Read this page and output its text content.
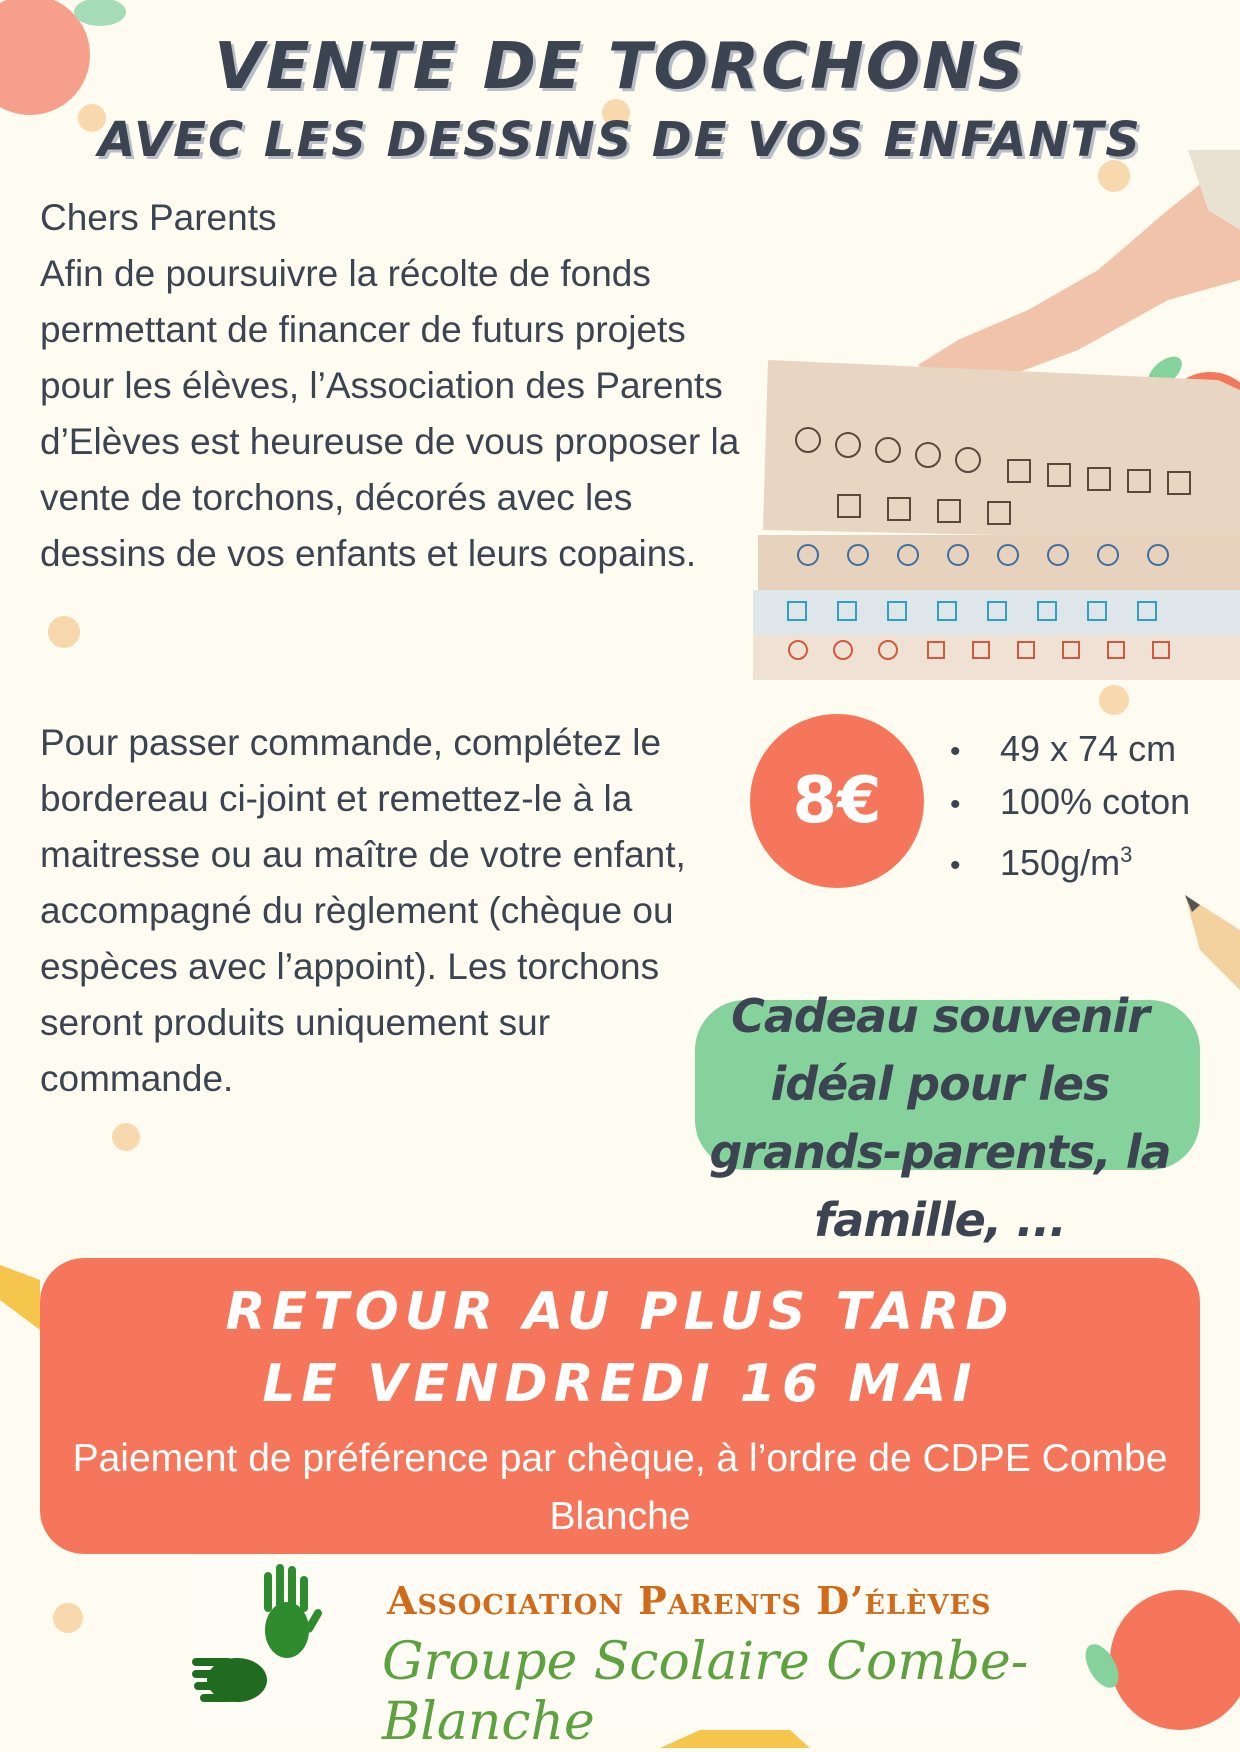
VENTE DE TORCHONS
AVEC LES DESSINS DE VOS ENFANTS

Chers Parents

Afin de poursuivre la récolte de fonds permettant de financer de futurs projets pour les élèves, l’Association des Parents d’Elèves est heureuse de vous proposer la vente de torchons, décorés avec les dessins de vos enfants et leurs copains.

8€
• 49 x 74 cm
• 100% coton
• $150g/m^3$

Pour passer commande, complétez le bordereau ci-joint et remettez-le à la maitresse ou au maître de votre enfant, accompagné du règlement (chèque ou espèces avec l’appoint). Les torchons seront produits uniquement sur commande.

Cadeau souvenir idéal pour les grands-parents, la famille, ...

RETOUR AU PLUS TARD

LE VENDREDI 16 MAI

Paiement de préférence par chèque, à l’ordre de CDPE Combe Blanche

Association Parents D’élèves
Groupe Scolaire Combe-Blanche
